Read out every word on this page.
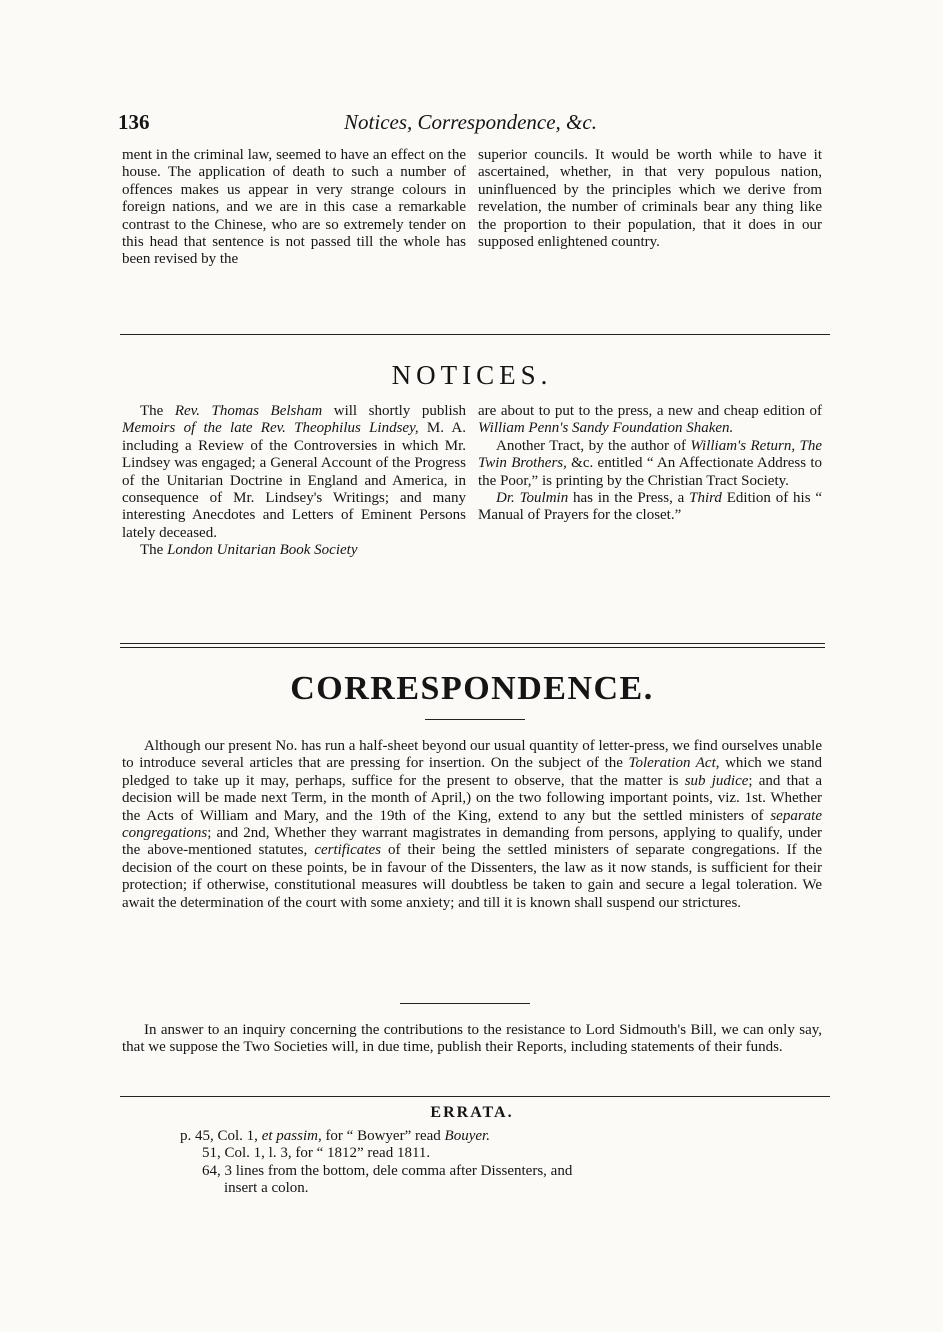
136	Notices, Correspondence, &c.

ment in the criminal law, seemed to have an effect on the house. The application of death to such a number of offences makes us appear in very strange colours in foreign nations, and we are in this case a remarkable contrast to the Chinese, who are so extremely tender on this head that sentence is not passed till the whole has been revised by the

superior councils. It would be worth while to have it ascertained, whether, in that very populous nation, uninfluenced by the principles which we derive from revelation, the number of criminals bear any thing like the proportion to their population, that it does in our supposed enlightened country.

NOTICES.

The Rev. Thomas Belsham will shortly publish Memoirs of the late Rev. Theophilus Lindsey, M. A. including a Review of the Controversies in which Mr. Lindsey was engaged; a General Account of the Progress of the Unitarian Doctrine in England and America, in consequence of Mr. Lindsey's Writings; and many interesting Anecdotes and Letters of Eminent Persons lately deceased.

The London Unitarian Book Society

are about to put to the press, a new and cheap edition of William Penn's Sandy Foundation Shaken.

Another Tract, by the author of William's Return, The Twin Brothers, &c. entitled “ An Affectionate Address to the Poor,” is printing by the Christian Tract Society.

Dr. Toulmin has in the Press, a Third Edition of his “ Manual of Prayers for the closet.”

CORRESPONDENCE.

Although our present No. has run a half-sheet beyond our usual quantity of letter-press, we find ourselves unable to introduce several articles that are pressing for insertion. On the subject of the Toleration Act, which we stand pledged to take up it may, perhaps, suffice for the present to observe, that the matter is sub judice; and that a decision will be made next Term, in the month of April,) on the two following important points, viz. 1st. Whether the Acts of William and Mary, and the 19th of the King, extend to any but the settled ministers of separate congregations; and 2nd, Whether they warrant magistrates in demanding from persons, applying to qualify, under the above-mentioned statutes, certificates of their being the settled ministers of separate congregations. If the decision of the court on these points, be in favour of the Dissenters, the law as it now stands, is sufficient for their protection; if otherwise, constitutional measures will doubtless be taken to gain and secure a legal toleration. We await the determination of the court with some anxiety; and till it is known shall suspend our strictures.

In answer to an inquiry concerning the contributions to the resistance to Lord Sidmouth's Bill, we can only say, that we suppose the Two Societies will, in due time, publish their Reports, including statements of their funds.

ERRATA.

p. 45, Col. 1, et passim, for “ Bowyer” read Bouyer.

51, Col. 1, l. 3, for “ 1812” read 1811.

64, 3 lines from the bottom, dele comma after Dissenters, and

insert a colon.
